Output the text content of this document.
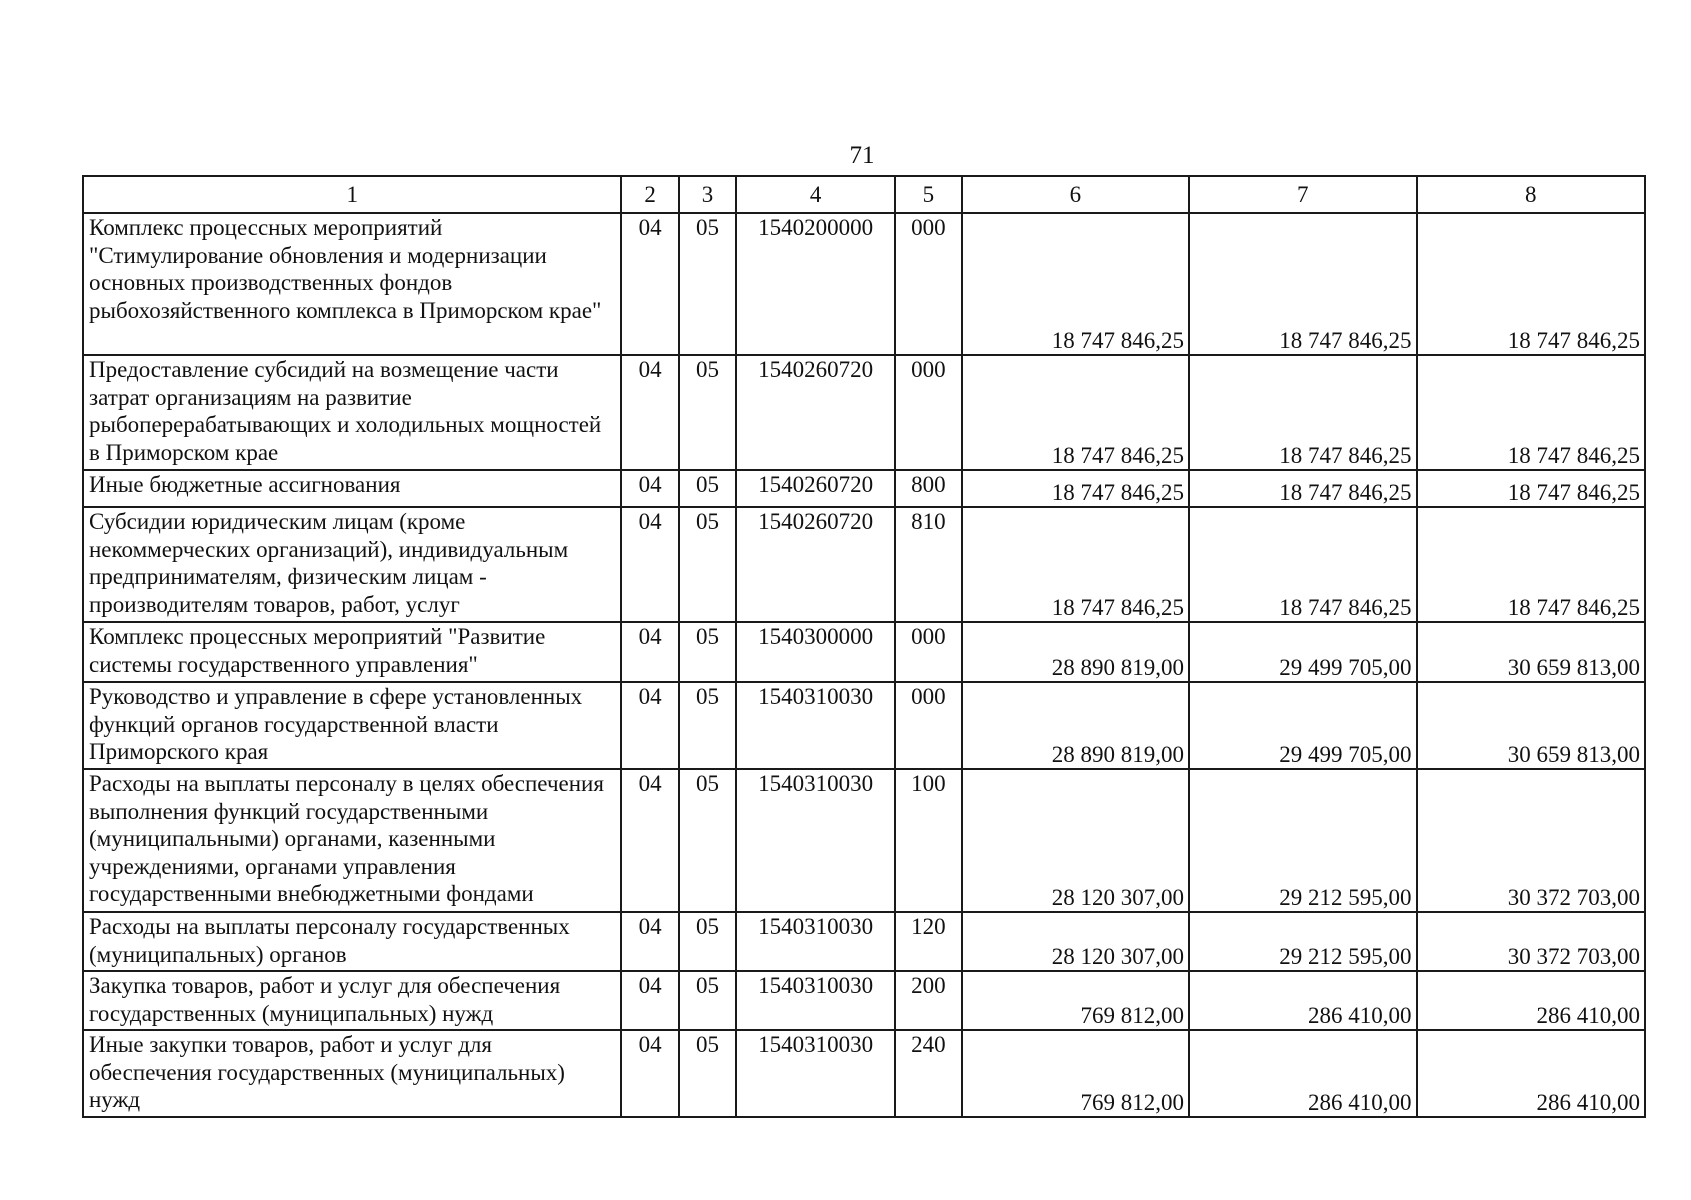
71
1	2	3	4	5	6	7	8
Комплекс процессных мероприятий "Стимулирование обновления и модернизации основных производственных фондов рыбохозяйственного комплекса в Приморском крае"	04	05	1540200000	000	18 747 846,25	18 747 846,25	18 747 846,25
Предоставление субсидий на возмещение части затрат организациям на развитие рыбоперерабатывающих и холодильных мощностей в Приморском крае	04	05	1540260720	000	18 747 846,25	18 747 846,25	18 747 846,25
Иные бюджетные ассигнования	04	05	1540260720	800	18 747 846,25	18 747 846,25	18 747 846,25
Субсидии юридическим лицам (кроме некоммерческих организаций), индивидуальным предпринимателям, физическим лицам - производителям товаров, работ, услуг	04	05	1540260720	810	18 747 846,25	18 747 846,25	18 747 846,25
Комплекс процессных мероприятий "Развитие системы государственного управления"	04	05	1540300000	000	28 890 819,00	29 499 705,00	30 659 813,00
Руководство и управление в сфере установленных функций органов государственной власти Приморского края	04	05	1540310030	000	28 890 819,00	29 499 705,00	30 659 813,00
Расходы на выплаты персоналу в целях обеспечения выполнения функций государственными (муниципальными) органами, казенными учреждениями, органами управления государственными внебюджетными фондами	04	05	1540310030	100	28 120 307,00	29 212 595,00	30 372 703,00
Расходы на выплаты персоналу государственных (муниципальных) органов	04	05	1540310030	120	28 120 307,00	29 212 595,00	30 372 703,00
Закупка товаров, работ и услуг для обеспечения государственных (муниципальных) нужд	04	05	1540310030	200	769 812,00	286 410,00	286 410,00
Иные закупки товаров, работ и услуг для обеспечения государственных (муниципальных) нужд	04	05	1540310030	240	769 812,00	286 410,00	286 410,00
